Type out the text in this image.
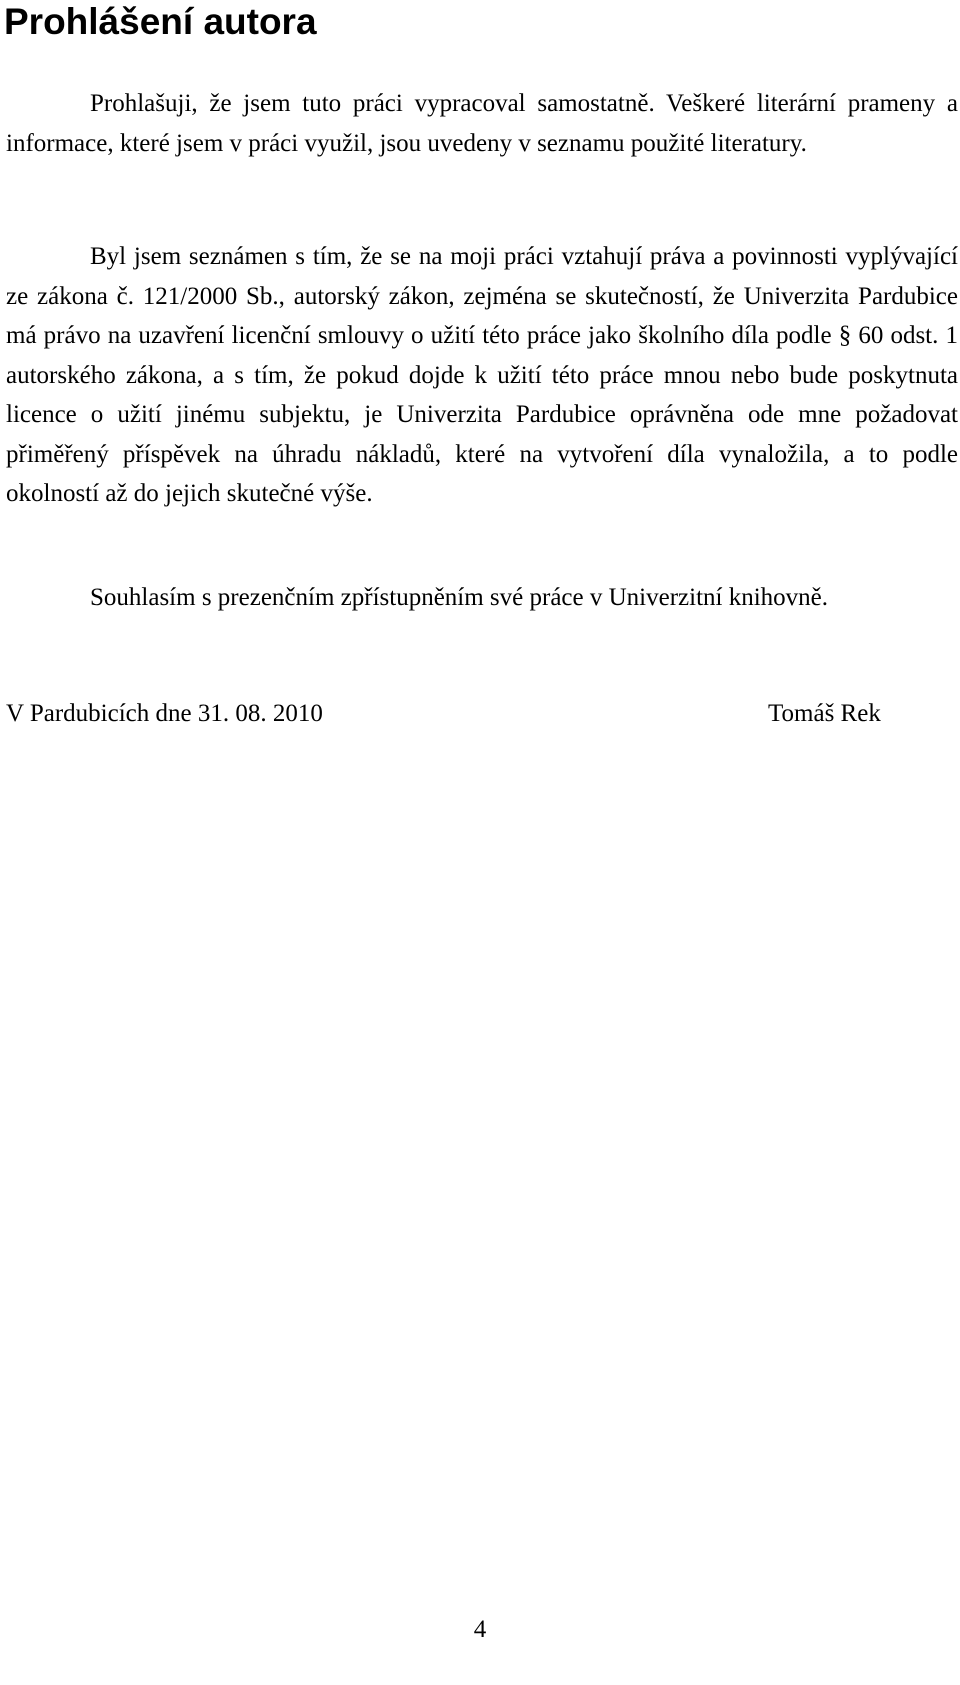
Prohlášení autora

Prohlašuji, že jsem tuto práci vypracoval samostatně. Veškeré literární prameny a informace, které jsem v práci využil, jsou uvedeny v seznamu použité literatury.

Byl jsem seznámen s tím, že se na moji práci vztahují práva a povinnosti vyplývající ze zákona č. 121/2000 Sb., autorský zákon, zejména se skutečností, že Univerzita Pardubice má právo na uzavření licenční smlouvy o užití této práce jako školního díla podle § 60 odst. 1 autorského zákona, a s tím, že pokud dojde k užití této práce mnou nebo bude poskytnuta licence o užití jinému subjektu, je Univerzita Pardubice oprávněna ode mne požadovat přiměřený příspěvek na úhradu nákladů, které na vytvoření díla vynaložila, a to podle okolností až do jejich skutečné výše.

Souhlasím s prezenčním zpřístupněním své práce v Univerzitní knihovně.

V Pardubicích dne 31. 08. 2010	Tomáš Rek
4
